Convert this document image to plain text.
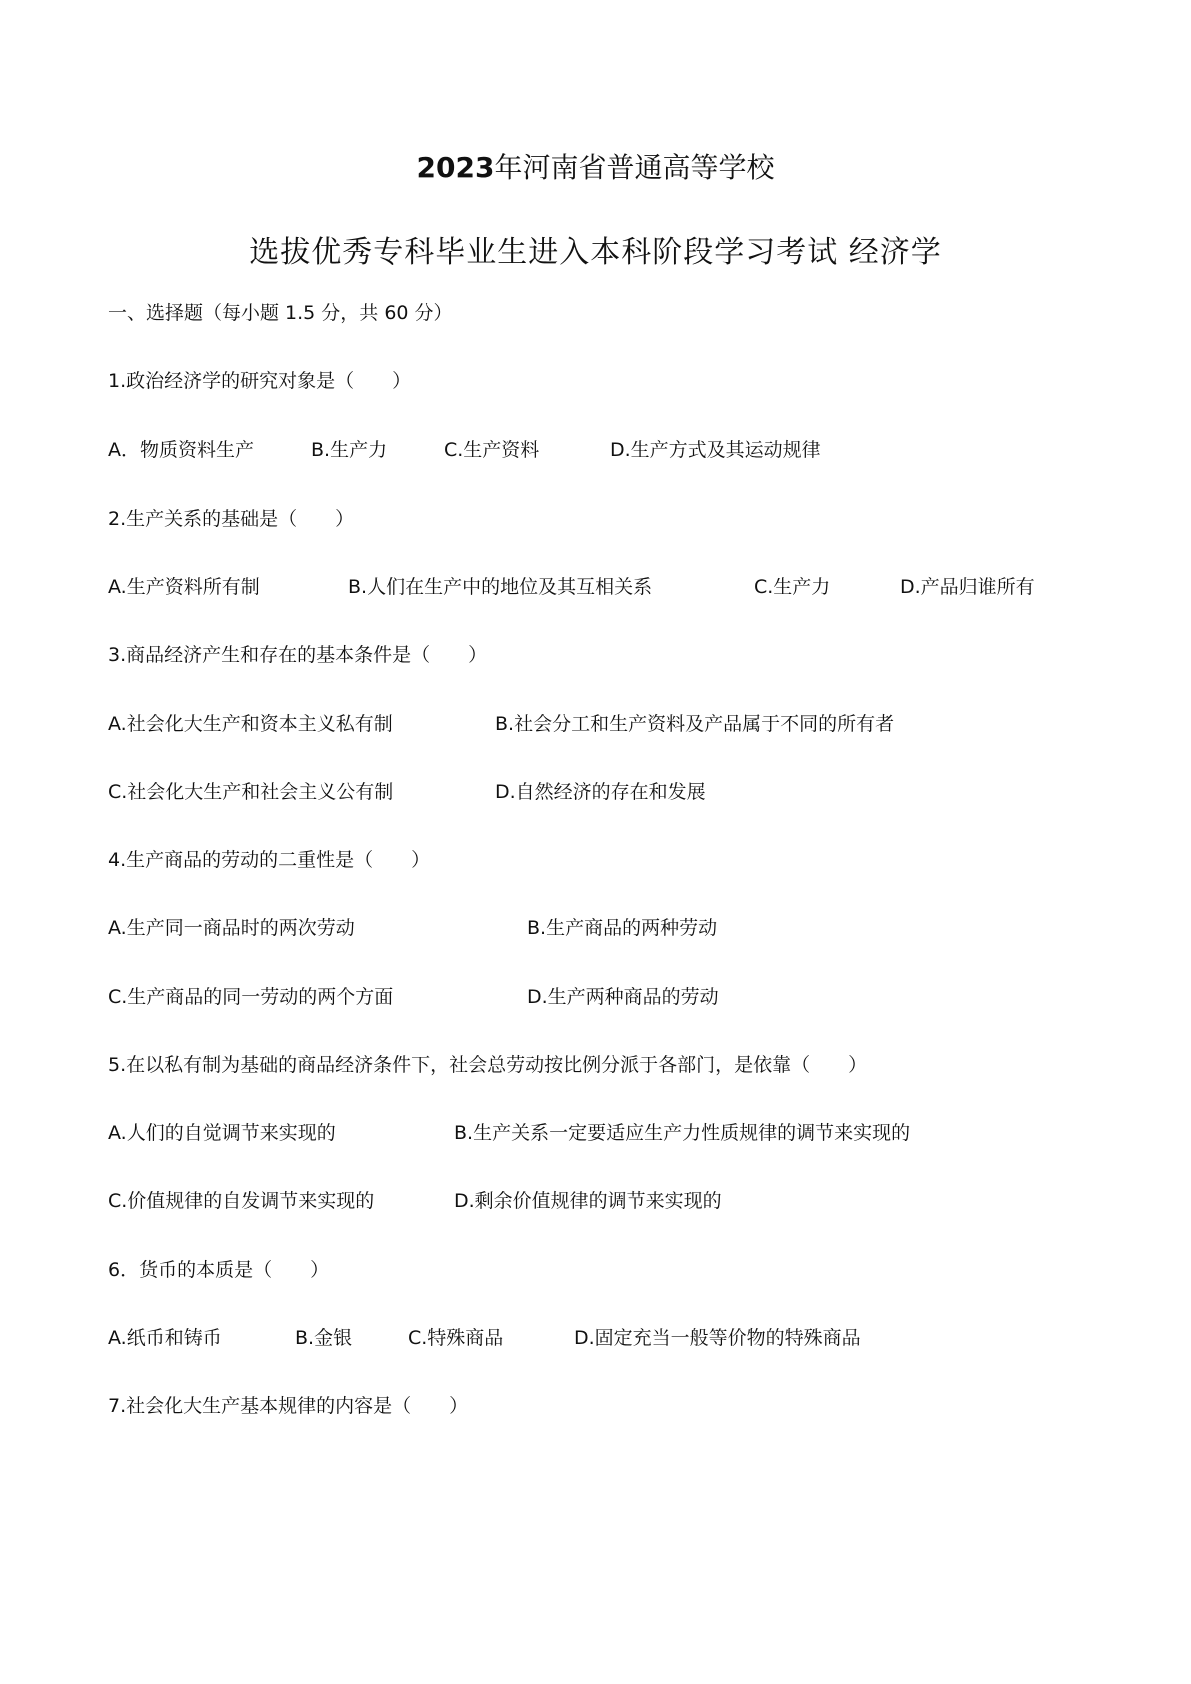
2023年河南省普通高等学校
选拔优秀专科毕业生进入本科阶段学习考试 经济学
一、选择题（每小题 1.5 分，共 60 分）
1.政治经济学的研究对象是（　　）
A．物质资料生产	B.生产力	C.生产资料	D.生产方式及其运动规律
2.生产关系的基础是（　　）
A.生产资料所有制	B.人们在生产中的地位及其互相关系	C.生产力	D.产品归谁所有
3.商品经济产生和存在的基本条件是（　　）
A.社会化大生产和资本主义私有制	B.社会分工和生产资料及产品属于不同的所有者
C.社会化大生产和社会主义公有制	D.自然经济的存在和发展
4.生产商品的劳动的二重性是（　　）
A.生产同一商品时的两次劳动	B.生产商品的两种劳动
C.生产商品的同一劳动的两个方面	D.生产两种商品的劳动
5.在以私有制为基础的商品经济条件下，社会总劳动按比例分派于各部门，是依靠（　　）
A.人们的自觉调节来实现的	B.生产关系一定要适应生产力性质规律的调节来实现的
C.价值规律的自发调节来实现的	D.剩余价值规律的调节来实现的
6．货币的本质是（　　）
A.纸币和铸币	B.金银	C.特殊商品	D.固定充当一般等价物的特殊商品
7.社会化大生产基本规律的内容是（　　）
